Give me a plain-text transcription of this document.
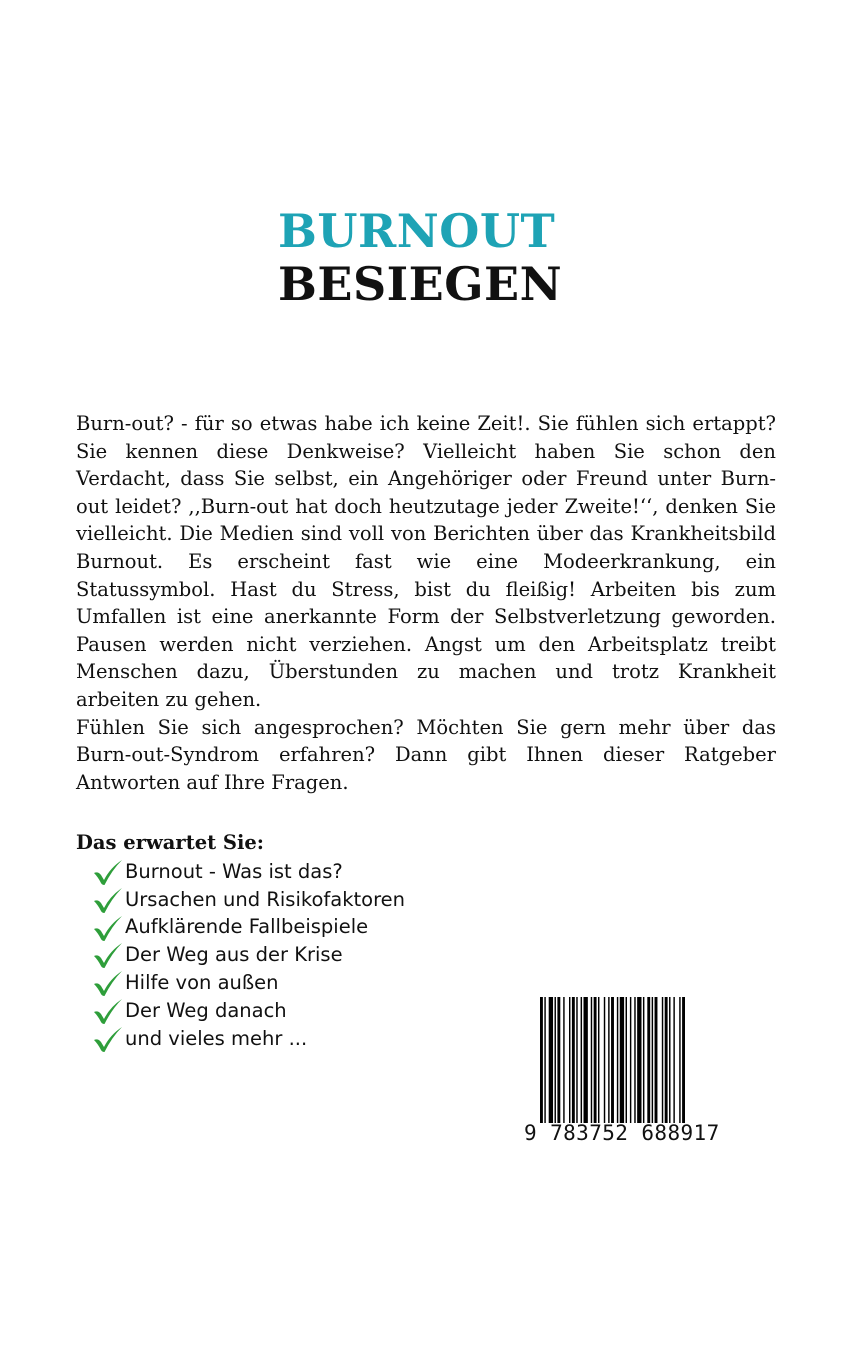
BURNOUT
BESIEGEN

Burn-out? - für so etwas habe ich keine Zeit!. Sie fühlen sich ertappt? Sie kennen diese Denkweise? Vielleicht haben Sie schon den Verdacht, dass Sie selbst, ein Angehöriger oder Freund unter Burn-out leidet? ,,Burn-out hat doch heutzutage jeder Zweite!‘‘, denken Sie vielleicht. Die Medien sind voll von Berichten über das Krankheitsbild Burnout. Es erscheint fast wie eine Modeerkrankung, ein Statussymbol. Hast du Stress, bist du fleißig! Arbeiten bis zum Umfallen ist eine anerkannte Form der Selbstverletzung geworden. Pausen werden nicht verziehen. Angst um den Arbeitsplatz treibt Menschen dazu, Überstunden zu machen und trotz Krankheit arbeiten zu gehen.

Fühlen Sie sich angesprochen? Möchten Sie gern mehr über das Burn-out-Syndrom erfahren? Dann gibt Ihnen dieser Ratgeber Antworten auf Ihre Fragen.

Das erwartet Sie:
Burnout - Was ist das?
Ursachen und Risikofaktoren
Aufklärende Fallbeispiele
Der Weg aus der Krise
Hilfe von außen
Der Weg danach
und vieles mehr ...
9 783752 688917
